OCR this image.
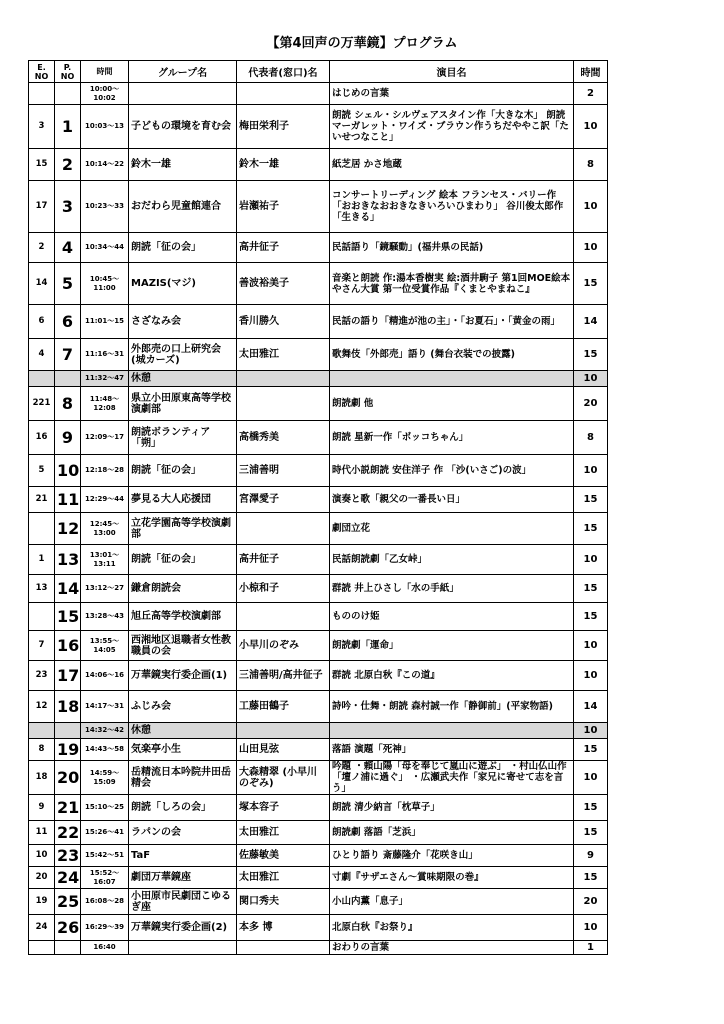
【第4回声の万華鏡】プログラム
E. NO	P. NO	時間	グループ名	代表者(窓口)名	演目名	時間
		10:00～ 10:02			はじめの言葉	2
3	1	10:03～13	子どもの環境を育む会	梅田栄利子	朗読 シェル・シルヴェアスタイン作「大きな木」 朗読マーガレット・ワイズ・ブラウン作うちだややこ訳「たいせつなこと」	10
15	2	10:14～22	鈴木一雄	鈴木一雄	紙芝居 かさ地蔵	8
17	3	10:23～33	おだわら児童館連合	岩瀬祐子	コンサートリーディング 絵本 フランセス・バリー作「おおきなおおきなきいろいひまわり」 谷川俊太郎作「生きる」	10
2	4	10:34～44	朗読「征の会」	高井征子	民話語り「鏡騒動」(福井県の民話)	10
14	5	10:45～ 11:00	MAZIS(マジ)	善波裕美子	音楽と朗読 作:湯本香樹実 絵:酒井駒子 第1回MOE絵本やさん大賞 第一位受賞作品『くまとやまねこ』	15
6	6	11:01～15	さざなみ会	香川勝久	民話の語り「精進が池の主」・「お夏石」・「黄金の雨」	14
4	7	11:16～31	外郎売の口上研究会(城カーズ)	太田雅江	歌舞伎「外郎売」語り (舞台衣装での披露)	15
		11:32～47	休憩			10
221	8	11:48～ 12:08	県立小田原東高等学校 演劇部		朗読劇 他	20
16	9	12:09～17	朗読ボランティア「朔」	高橋秀美	朗読 星新一作「ボッコちゃん」	8
5	10	12:18～28	朗読「征の会」	三浦善明	時代小説朗読 安住洋子 作 「沙(いさご)の波」	10
21	11	12:29～44	夢見る大人応援団	宮澤愛子	演奏と歌「親父の一番長い日」	15
	12	12:45～ 13:00	立花学園高等学校演劇部		劇団立花	15
1	13	13:01～ 13:11	朗読「征の会」	高井征子	民話朗読劇「乙女峠」	10
13	14	13:12～27	鎌倉朗読会	小椋和子	群読 井上ひさし「水の手紙」	15
	15	13:28～43	旭丘高等学校演劇部		もののけ姫	15
7	16	13:55～ 14:05	西湘地区退職者女性教職員の会	小早川のぞみ	朗読劇「運命」	10
23	17	14:06～16	万華鏡実行委企画(1)	三浦善明/高井征子	群読 北原白秋『この道』	10
12	18	14:17～31	ふじみ会	工藤田鶴子	詩吟・仕舞・朗読 森村誠一作「静御前」(平家物語)	14
		14:32～42	休憩			10
8	19	14:43～58	気楽亭小生	山田見弦	落語 演題「死神」	15
18	20	14:59～ 15:09	岳精流日本吟院井田岳精会	大森精翠 (小早川のぞみ)	吟題 ・頼山陽「母を奉じて嵐山に遊ぶ」 ・村山仏山作「壇ノ浦に過ぐ」 ・広瀬武夫作「家兄に寄せて志を言う」	10
9	21	15:10～25	朗読「しろの会」	塚本容子	朗読 清少納言「枕草子」	15
11	22	15:26～41	ラパンの会	太田雅江	朗読劇 落語「芝浜」	15
10	23	15:42～51	TaF	佐藤敏美	ひとり語り 斎藤隆介「花咲き山」	9
20	24	15:52～ 16:07	劇団万華鏡座	太田雅江	寸劇『サザエさん～賞味期限の巻』	15
19	25	16:08～28	小田原市民劇団こゆるぎ座	関口秀夫	小山内薫「息子」	20
24	26	16:29～39	万華鏡実行委企画(2)	本多 博	北原白秋『お祭り』	10
		16:40			おわりの言葉	1
